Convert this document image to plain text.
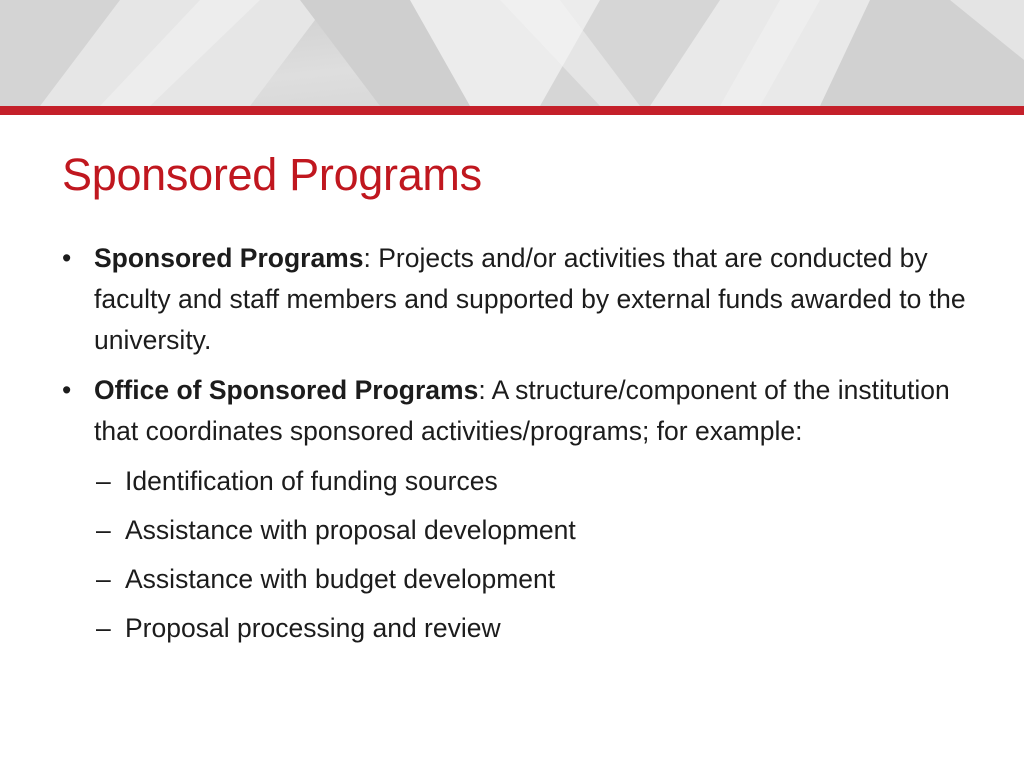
Sponsored Programs
• Sponsored Programs: Projects and/or activities that are conducted by faculty and staff members and supported by external funds awarded to the university.
• Office of Sponsored Programs: A structure/component of the institution that coordinates sponsored activities/programs; for example:
– Identification of funding sources
– Assistance with proposal development
– Assistance with budget development
– Proposal processing and review
